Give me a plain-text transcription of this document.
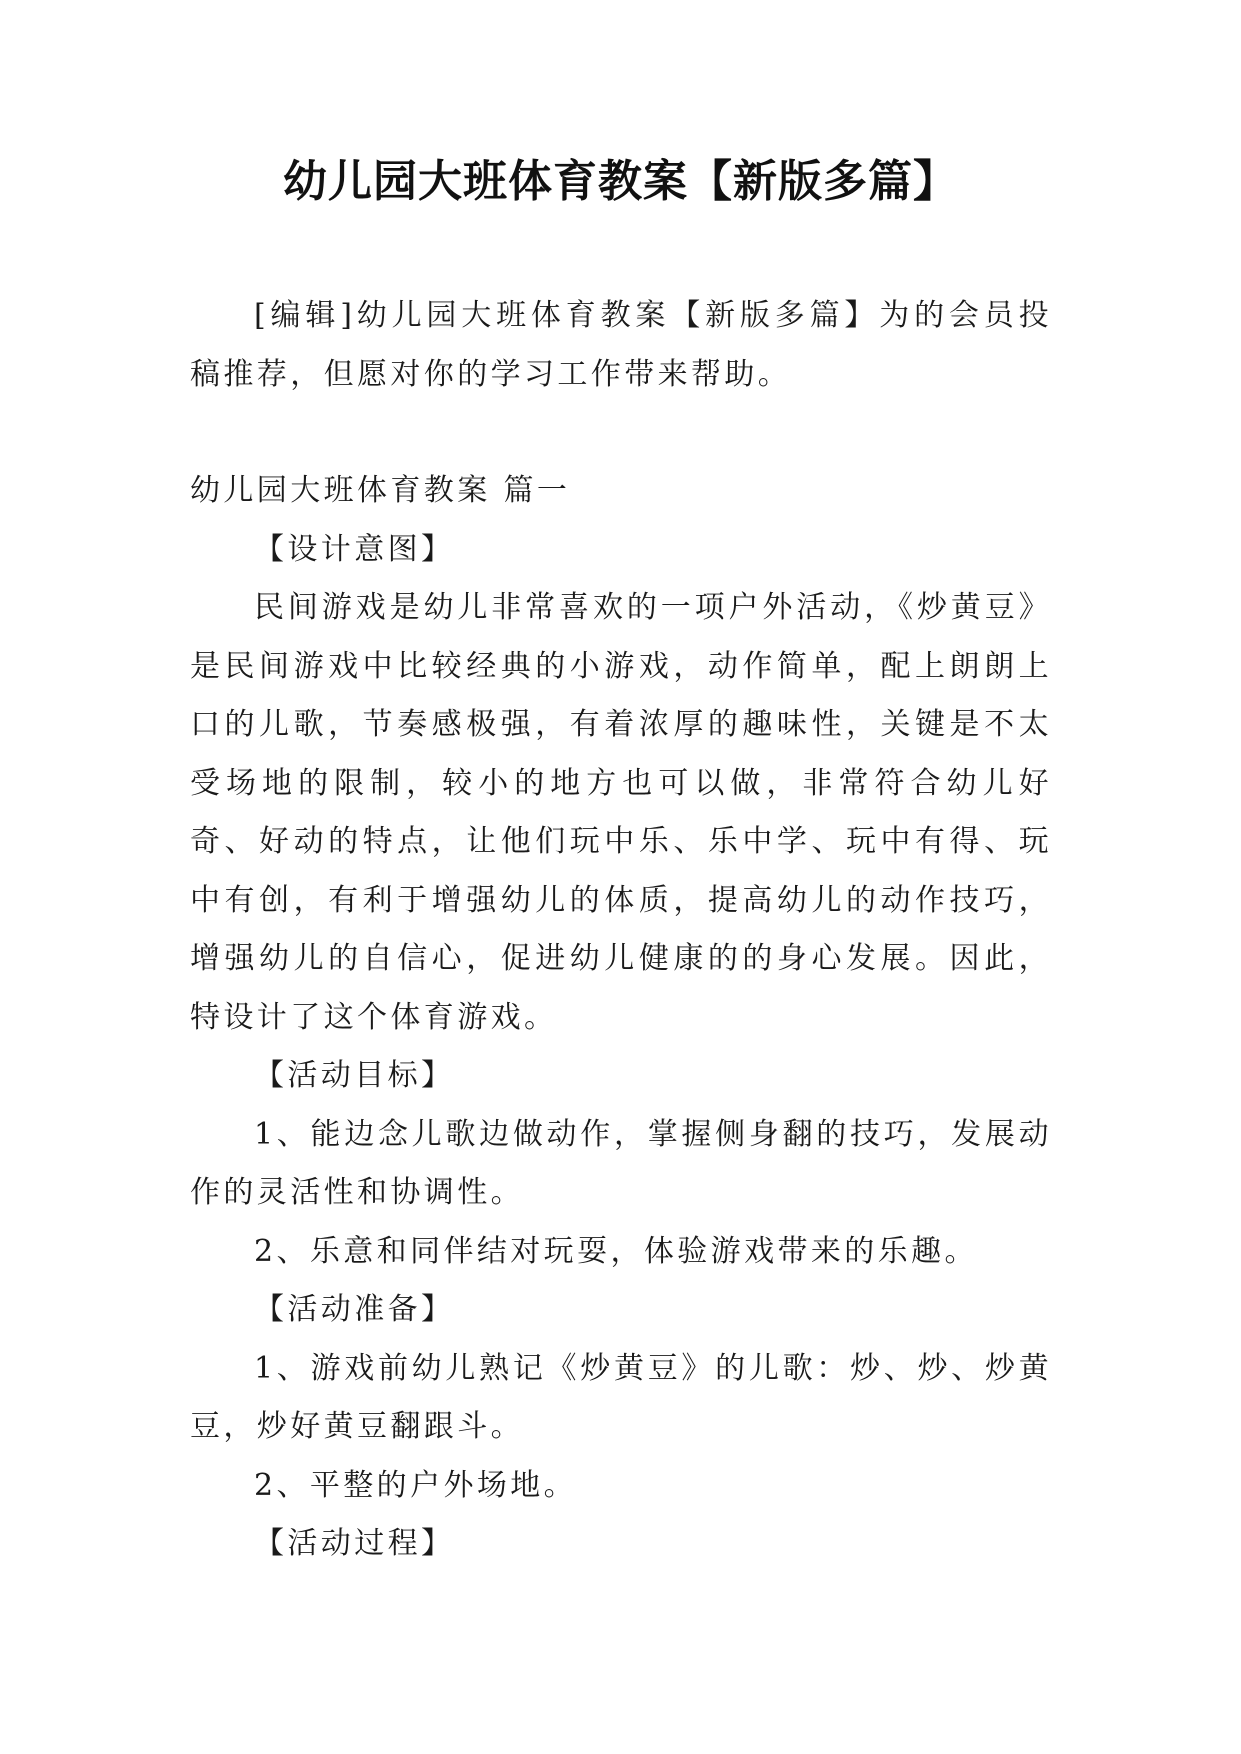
幼儿园大班体育教案【新版多篇】

[编辑]幼儿园大班体育教案【新版多篇】为的会员投稿推荐，但愿对你的学习工作带来帮助。

幼儿园大班体育教案 篇一

【设计意图】

民间游戏是幼儿非常喜欢的一项户外活动，《炒黄豆》是民间游戏中比较经典的小游戏，动作简单，配上朗朗上口的儿歌，节奏感极强，有着浓厚的趣味性，关键是不太受场地的限制，较小的地方也可以做，非常符合幼儿好奇、好动的特点，让他们玩中乐、乐中学、玩中有得、玩中有创，有利于增强幼儿的体质，提高幼儿的动作技巧，增强幼儿的自信心，促进幼儿健康的的身心发展。因此，特设计了这个体育游戏。

【活动目标】

1、能边念儿歌边做动作，掌握侧身翻的技巧，发展动作的灵活性和协调性。

2、乐意和同伴结对玩耍，体验游戏带来的乐趣。

【活动准备】

1、游戏前幼儿熟记《炒黄豆》的儿歌：炒、炒、炒黄豆，炒好黄豆翻跟斗。

2、平整的户外场地。

【活动过程】
